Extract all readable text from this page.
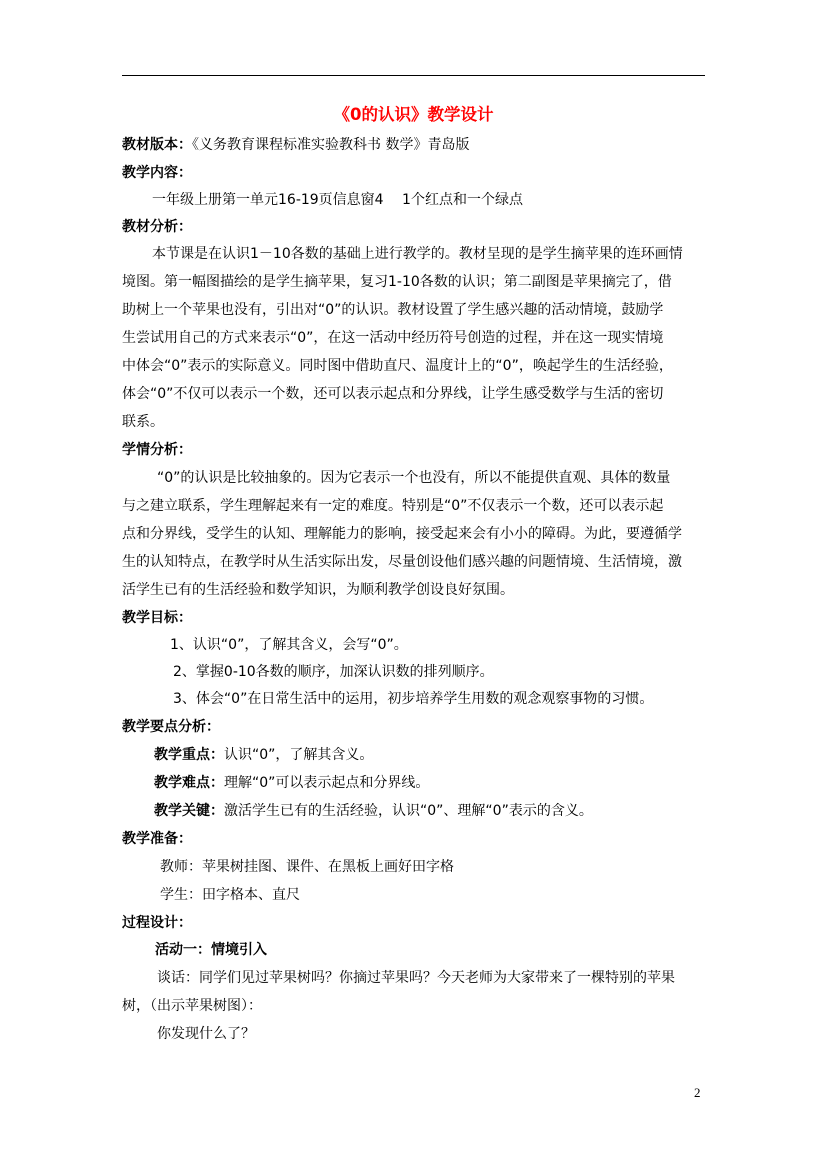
《0的认识》教学设计
教材版本：《义务教育课程标准实验教科书 数学》青岛版
教学内容：
一年级上册第一单元16-19页信息窗4　 1个红点和一个绿点
教材分析：
本节课是在认识1－10各数的基础上进行教学的。教材呈现的是学生摘苹果的连环画情
境图。第一幅图描绘的是学生摘苹果，复习1-10各数的认识；第二副图是苹果摘完了，借
助树上一个苹果也没有，引出对“0”的认识。教材设置了学生感兴趣的活动情境，鼓励学
生尝试用自己的方式来表示“0”，在这一活动中经历符号创造的过程，并在这一现实情境
中体会“0”表示的实际意义。同时图中借助直尺、温度计上的“0”，唤起学生的生活经验，
体会“0”不仅可以表示一个数，还可以表示起点和分界线，让学生感受数学与生活的密切
联系。
学情分析：
“0”的认识是比较抽象的。因为它表示一个也没有，所以不能提供直观、具体的数量
与之建立联系，学生理解起来有一定的难度。特别是“0”不仅表示一个数，还可以表示起
点和分界线，受学生的认知、理解能力的影响，接受起来会有小小的障碍。为此，要遵循学
生的认知特点，在教学时从生活实际出发，尽量创设他们感兴趣的问题情境、生活情境，激
活学生已有的生活经验和数学知识，为顺利教学创设良好氛围。
教学目标：
1、认识“0”，了解其含义，会写“0”。
2、掌握0-10各数的顺序，加深认识数的排列顺序。
3、体会“0”在日常生活中的运用，初步培养学生用数的观念观察事物的习惯。
教学要点分析：
教学重点：认识“0”，了解其含义。
教学难点：理解“0”可以表示起点和分界线。
教学关键：激活学生已有的生活经验，认识“0”、理解“0”表示的含义。
教学准备：
教师：苹果树挂图、课件、在黑板上画好田字格
学生：田字格本、直尺
过程设计：
活动一：情境引入
谈话：同学们见过苹果树吗？你摘过苹果吗？今天老师为大家带来了一棵特别的苹果
树，（出示苹果树图）：
你发现什么了？
2
